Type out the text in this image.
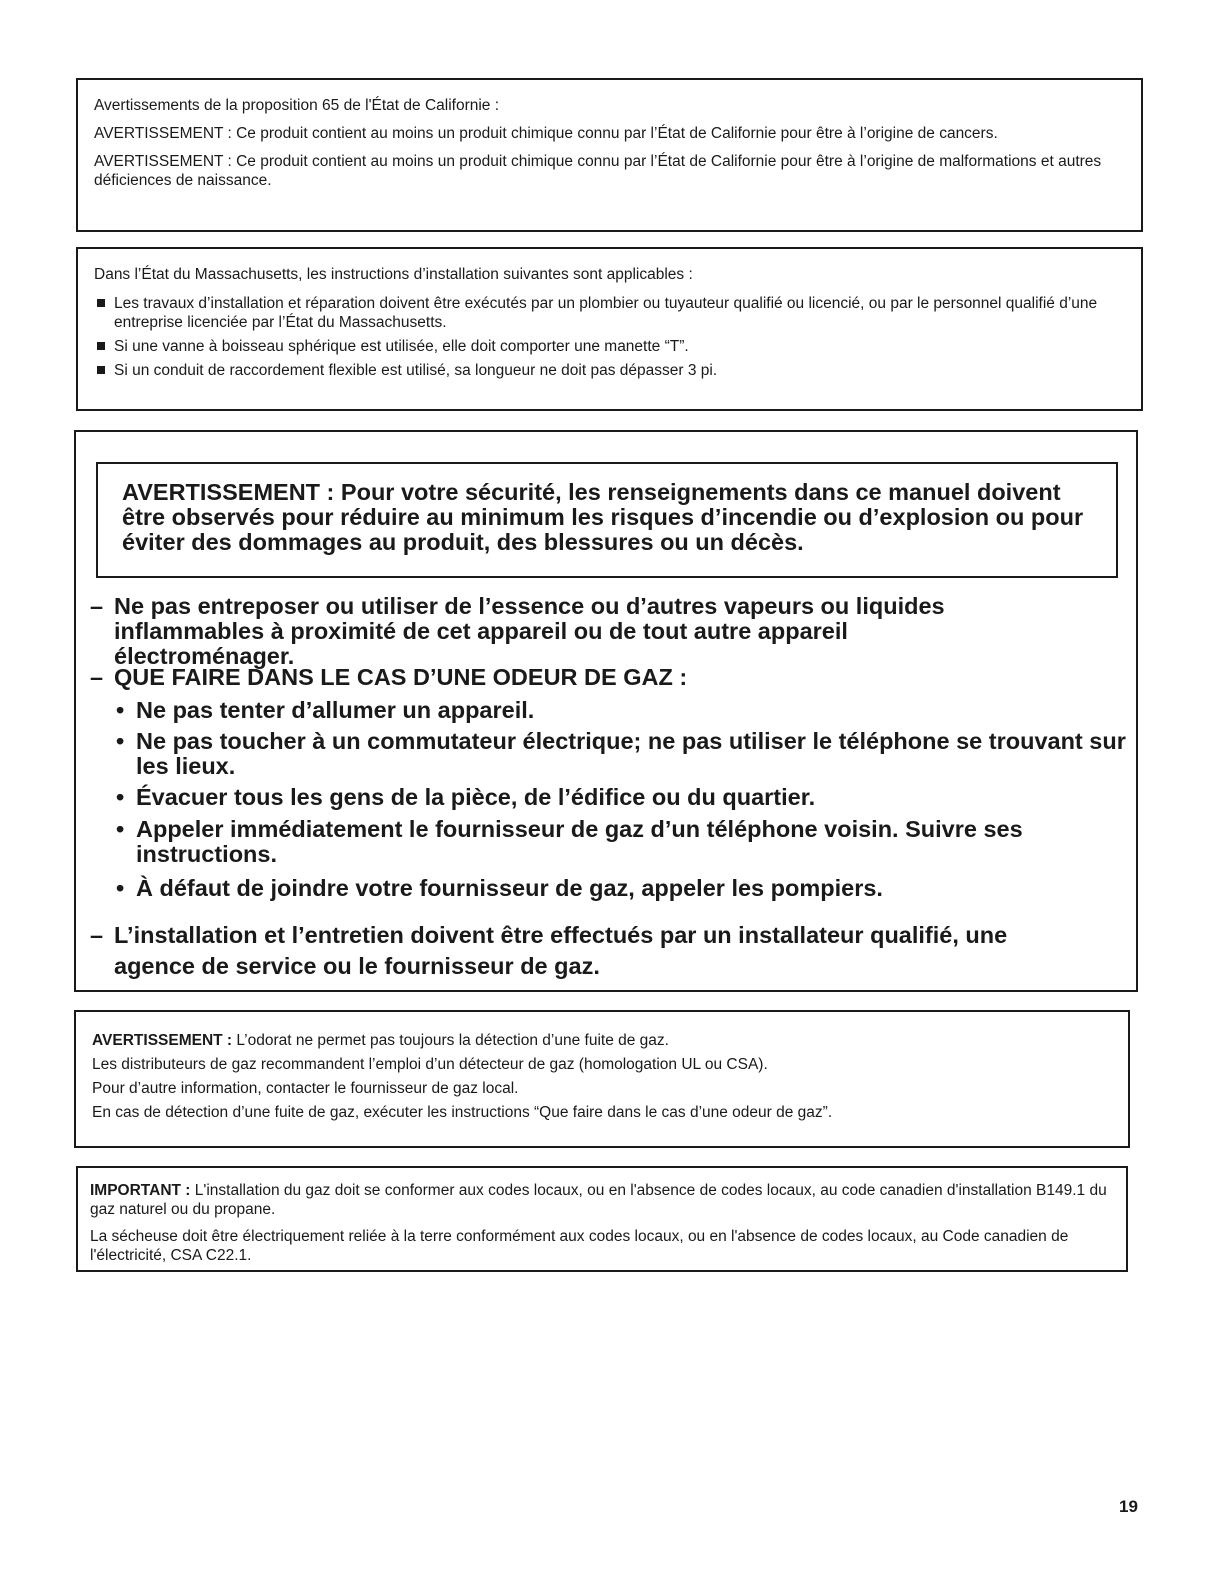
Avertissements de la proposition 65 de l'État de Californie :

AVERTISSEMENT : Ce produit contient au moins un produit chimique connu par l’État de Californie pour être à l’origine de cancers.

AVERTISSEMENT : Ce produit contient au moins un produit chimique connu par l’État de Californie pour être à l’origine de malformations et autres déficiences de naissance.

Dans l’État du Massachusetts, les instructions d’installation suivantes sont applicables :

Les travaux d’installation et réparation doivent être exécutés par un plombier ou tuyauteur qualifié ou licencié, ou par le personnel qualifié d’une entreprise licenciée par l’État du Massachusetts.
Si une vanne à boisseau sphérique est utilisée, elle doit comporter une manette “T”.
Si un conduit de raccordement flexible est utilisé, sa longueur ne doit pas dépasser 3 pi.

AVERTISSEMENT : Pour votre sécurité, les renseignements dans ce manuel doivent être observés pour réduire au minimum les risques d’incendie ou d’explosion ou pour éviter des dommages au produit, des blessures ou un décès.

– Ne pas entreposer ou utiliser de l’essence ou d’autres vapeurs ou liquides inflammables à proximité de cet appareil ou de tout autre appareil électroménager.
– QUE FAIRE DANS LE CAS D’UNE ODEUR DE GAZ :
• Ne pas tenter d’allumer un appareil.
• Ne pas toucher à un commutateur électrique; ne pas utiliser le téléphone se trouvant sur les lieux.
• Évacuer tous les gens de la pièce, de l’édifice ou du quartier.
• Appeler immédiatement le fournisseur de gaz d’un téléphone voisin. Suivre ses instructions.
• À défaut de joindre votre fournisseur de gaz, appeler les pompiers.
– L’installation et l’entretien doivent être effectués par un installateur qualifié, une agence de service ou le fournisseur de gaz.

AVERTISSEMENT : L’odorat ne permet pas toujours la détection d’une fuite de gaz.

Les distributeurs de gaz recommandent l’emploi d’un détecteur de gaz (homologation UL ou CSA).

Pour d’autre information, contacter le fournisseur de gaz local.

En cas de détection d’une fuite de gaz, exécuter les instructions “Que faire dans le cas d’une odeur de gaz”.

IMPORTANT : L'installation du gaz doit se conformer aux codes locaux, ou en l'absence de codes locaux, au code canadien d'installation B149.1 du gaz naturel ou du propane.

La sécheuse doit être électriquement reliée à la terre conformément aux codes locaux, ou en l'absence de codes locaux, au Code canadien de l'électricité, CSA C22.1.

19
